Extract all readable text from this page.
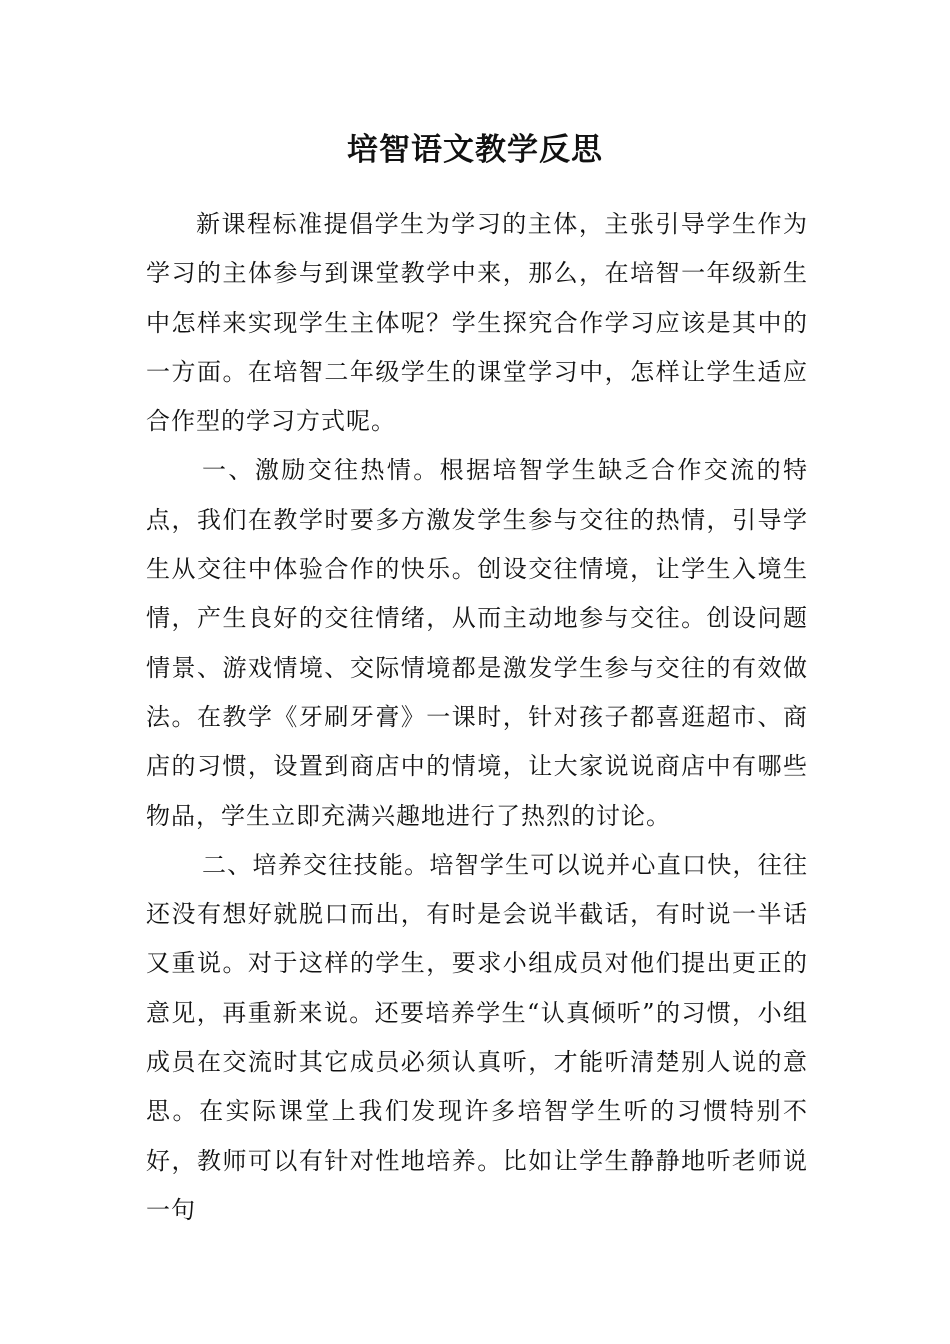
培智语文教学反思

新课程标准提倡学生为学习的主体，主张引导学生作为学习的主体参与到课堂教学中来，那么，在培智一年级新生中怎样来实现学生主体呢？学生探究合作学习应该是其中的一方面。在培智二年级学生的课堂学习中，怎样让学生适应合作型的学习方式呢。

一、激励交往热情。根据培智学生缺乏合作交流的特点，我们在教学时要多方激发学生参与交往的热情，引导学生从交往中体验合作的快乐。创设交往情境，让学生入境生情，产生良好的交往情绪，从而主动地参与交往。创设问题情景、游戏情境、交际情境都是激发学生参与交往的有效做法。在教学《牙刷牙膏》一课时，针对孩子都喜逛超市、商店的习惯，设置到商店中的情境，让大家说说商店中有哪些物品，学生立即充满兴趣地进行了热烈的讨论。

二、培养交往技能。培智学生可以说并心直口快，往往还没有想好就脱口而出，有时是会说半截话，有时说一半话又重说。对于这样的学生，要求小组成员对他们提出更正的意见，再重新来说。还要培养学生“认真倾听”的习惯，小组成员在交流时其它成员必须认真听，才能听清楚别人说的意思。在实际课堂上我们发现许多培智学生听的习惯特别不好，教师可以有针对性地培养。比如让学生静静地听老师说一句
